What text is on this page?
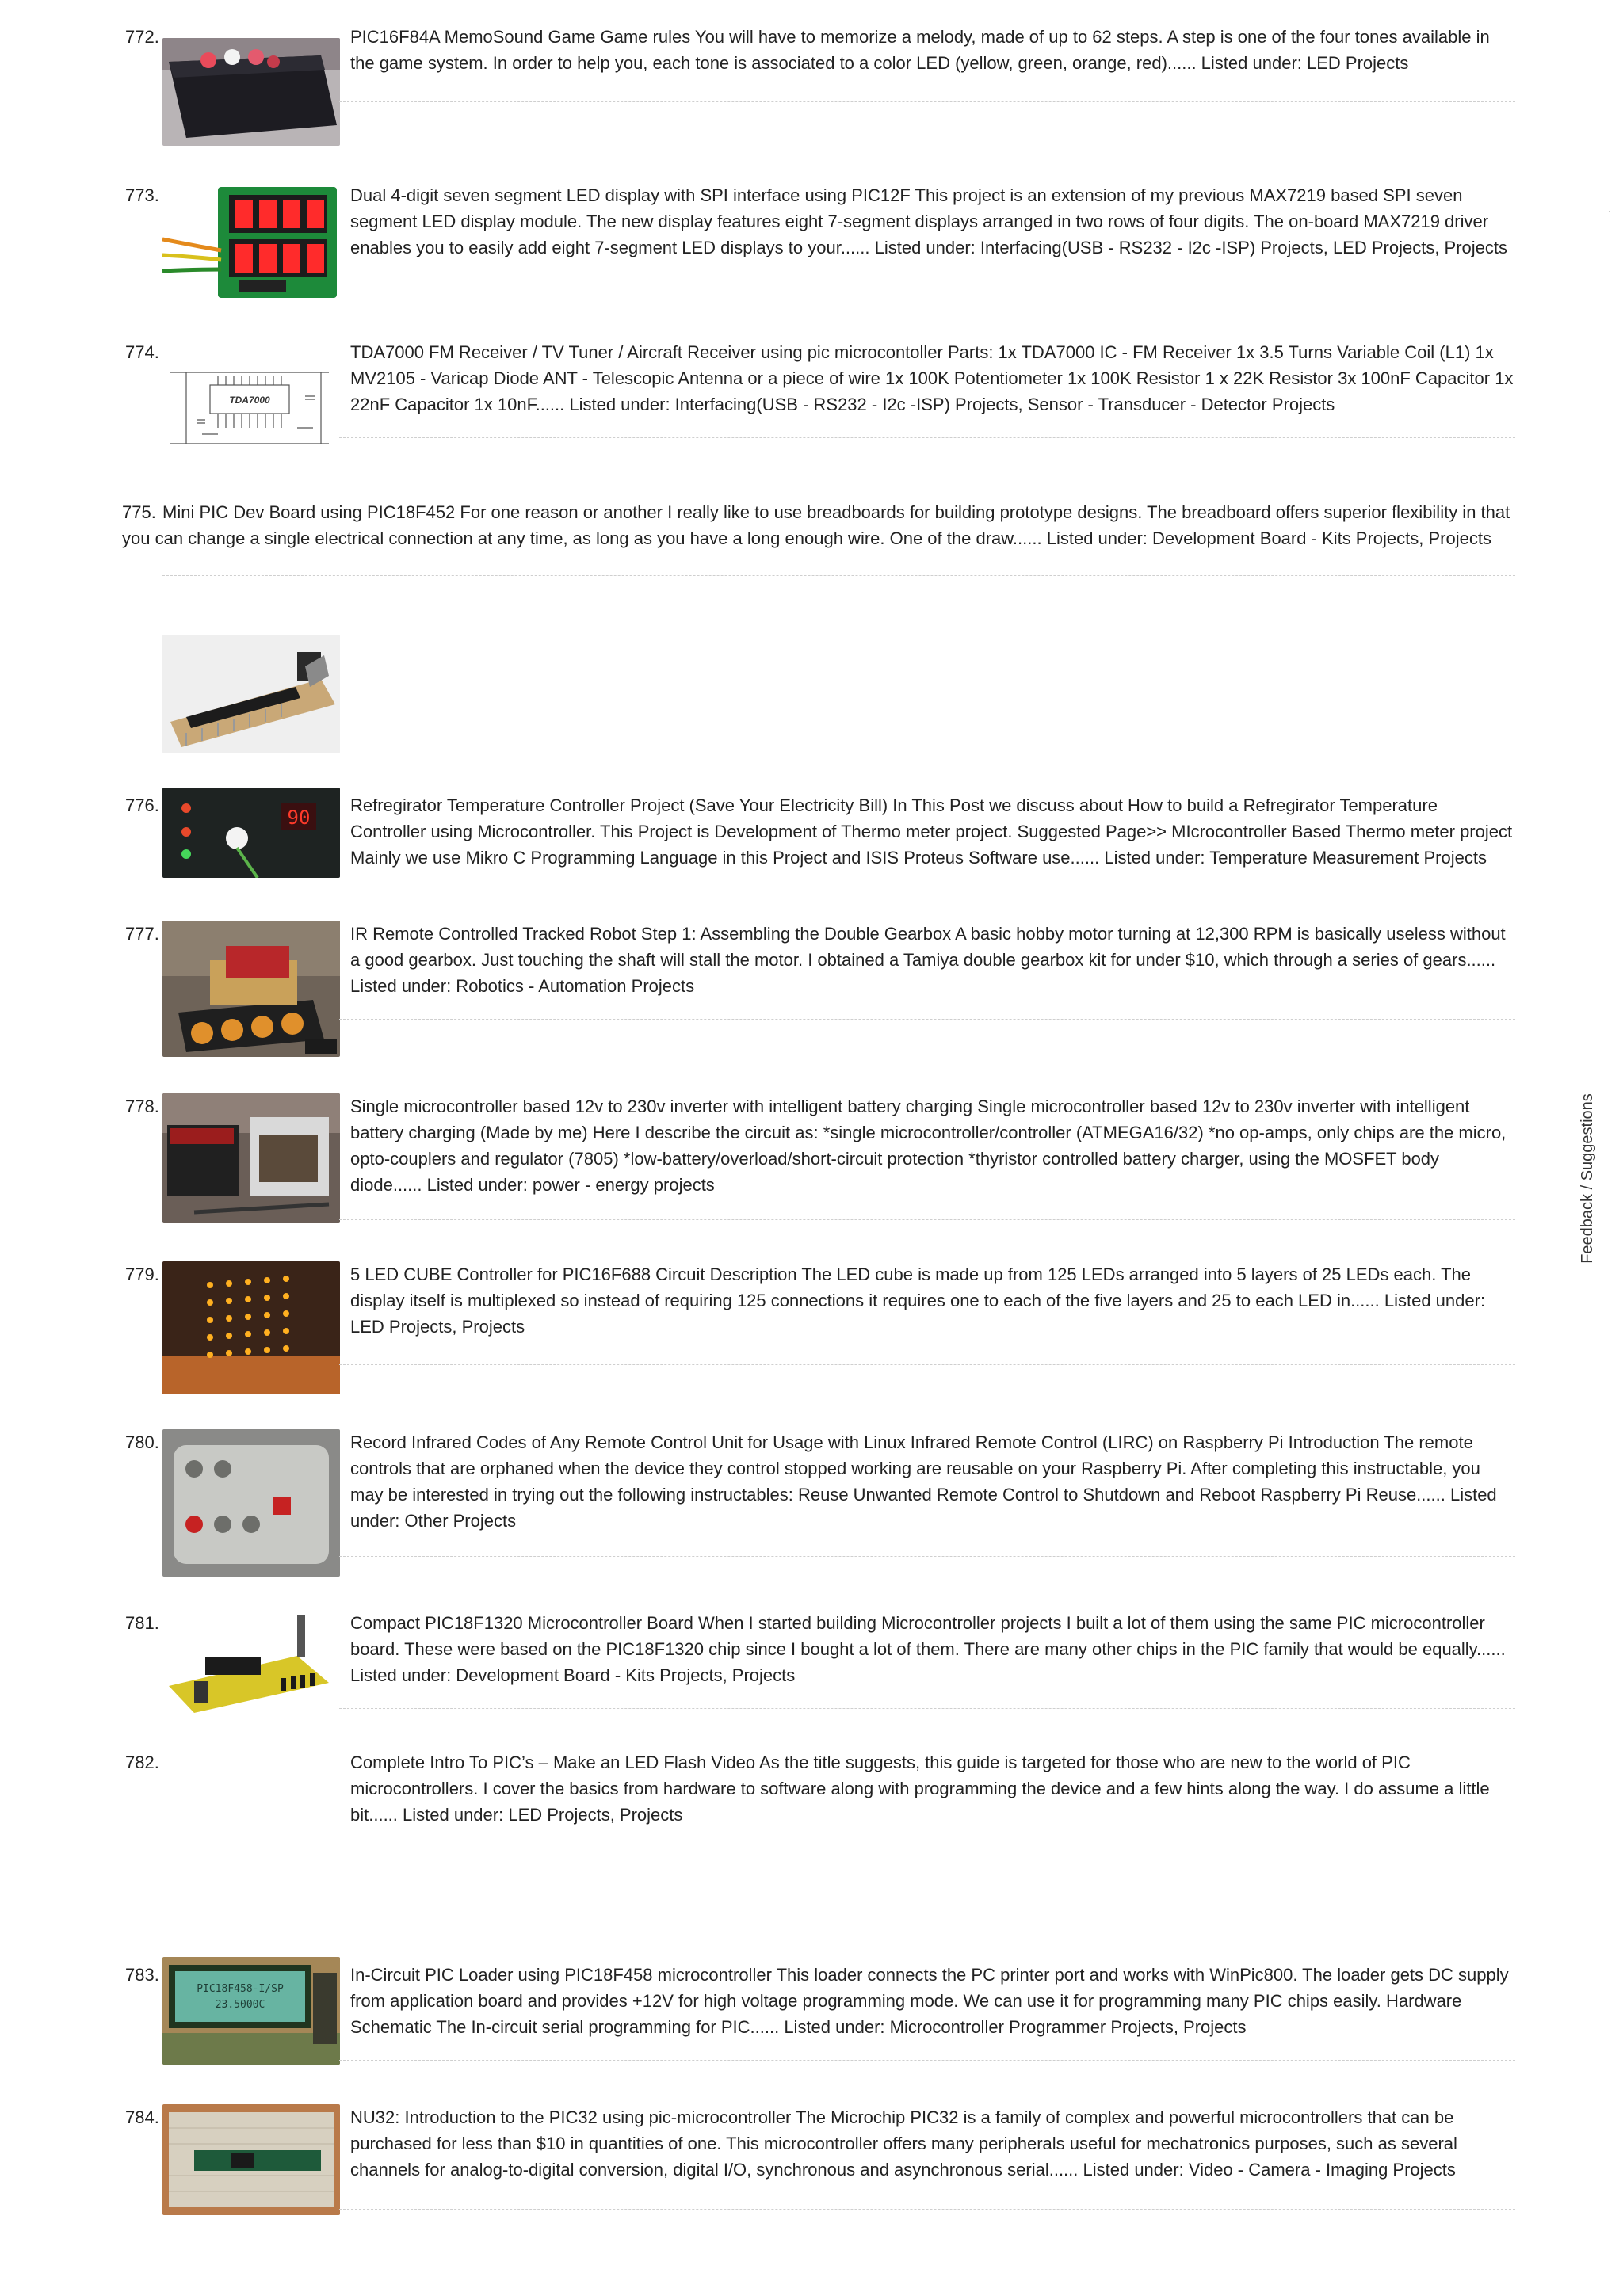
772.	PIC16F84A MemoSound Game Game rules You will have to memorize a melody, made of up to 62 steps. A step is one of the four tones available in the game system. In order to help you, each tone is associated to a color LED (yellow, green, orange, red)...... Listed under: LED Projects
773.	Dual 4-digit seven segment LED display with SPI interface using PIC12F This project is an extension of my previous MAX7219 based SPI seven segment LED display module. The new display features eight 7-segment displays arranged in two rows of four digits. The on-board MAX7219 driver enables you to easily add eight 7-segment LED displays to your...... Listed under: Interfacing(USB - RS232 - I2c -ISP) Projects, LED Projects, Projects
774.
TDA7000
TDA7000 FM Receiver / TV Tuner / Aircraft Receiver using pic microcontoller Parts: 1x TDA7000 IC - FM Receiver 1x 3.5 Turns Variable Coil (L1) 1x MV2105 - Varicap Diode ANT - Telescopic Antenna or a piece of wire 1x 100K Potentiometer 1x 100K Resistor 1 x 22K Resistor 3x 100nF Capacitor 1x 22nF Capacitor 1x 10nF...... Listed under: Interfacing(USB - RS232 - I2c -ISP) Projects, Sensor - Transducer - Detector Projects
775. Mini PIC Dev Board using PIC18F452 For one reason or another I really like to use breadboards for building prototype designs. The breadboard offers superior flexibility in that you can change a single electrical connection at any time, as long as you have a long enough wire. One of the draw...... Listed under: Development Board - Kits Projects, Projects
776.
90
Refregirator Temperature Controller Project (Save Your Electricity Bill) In This Post we discuss about How to build a Refregirator Temperature Controller using Microcontroller. This Project is Development of Thermo meter project. Suggested Page>> MIcrocontroller Based Thermo meter project Mainly we use Mikro C Programming Language in this Project and ISIS Proteus Software use...... Listed under: Temperature Measurement Projects
777.	IR Remote Controlled Tracked Robot Step 1: Assembling the Double Gearbox A basic hobby motor turning at 12,300 RPM is basically useless without a good gearbox. Just touching the shaft will stall the motor. I obtained a Tamiya double gearbox kit for under $10, which through a series of gears...... Listed under: Robotics - Automation Projects
778.	Single microcontroller based 12v to 230v inverter with intelligent battery charging Single microcontroller based 12v to 230v inverter with intelligent battery charging (Made by me) Here I describe the circuit as: *single microcontroller/controller (ATMEGA16/32) *no op-amps, only chips are the micro, opto-couplers and regulator (7805) *low-battery/overload/short-circuit protection *thyristor controlled battery charger, using the MOSFET body diode...... Listed under: power - energy projects
779.	5 LED CUBE Controller for PIC16F688 Circuit Description The LED cube is made up from 125 LEDs arranged into 5 layers of 25 LEDs each. The display itself is multiplexed so instead of requiring 125 connections it requires one to each of the five layers and 25 to each LED in...... Listed under: LED Projects, Projects
780.	Record Infrared Codes of Any Remote Control Unit for Usage with Linux Infrared Remote Control (LIRC) on Raspberry Pi Introduction The remote controls that are orphaned when the device they control stopped working are reusable on your Raspberry Pi. After completing this instructable, you may be interested in trying out the following instructables: Reuse Unwanted Remote Control to Shutdown and Reboot Raspberry Pi Reuse...... Listed under: Other Projects
781.	Compact PIC18F1320 Microcontroller Board When I started building Microcontroller projects I built a lot of them using the same PIC microcontroller board. These were based on the PIC18F1320 chip since I bought a lot of them. There are many other chips in the PIC family that would be equally...... Listed under: Development Board - Kits Projects, Projects
782.	Complete Intro To PIC’s – Make an LED Flash Video As the title suggests, this guide is targeted for those who are new to the world of PIC microcontrollers. I cover the basics from hardware to software along with programming the device and a few hints along the way. I do assume a little bit...... Listed under: LED Projects, Projects
783.
PIC18F458-I/SP
23.5000C
In-Circuit PIC Loader using PIC18F458 microcontroller This loader connects the PC printer port and works with WinPic800. The loader gets DC supply from application board and provides +12V for high voltage programming mode. We can use it for programming many PIC chips easily. Hardware Schematic The In-circuit serial programming for PIC...... Listed under: Microcontroller Programmer Projects, Projects
784.	NU32: Introduction to the PIC32 using pic-microcontroller The Microchip PIC32 is a family of complex and powerful microcontrollers that can be purchased for less than $10 in quantities of one. This microcontroller offers many peripherals useful for mechatronics purposes, such as several channels for analog-to-digital conversion, digital I/O, synchronous and asynchronous serial...... Listed under: Video - Camera - Imaging Projects
Feedback / Suggestions
